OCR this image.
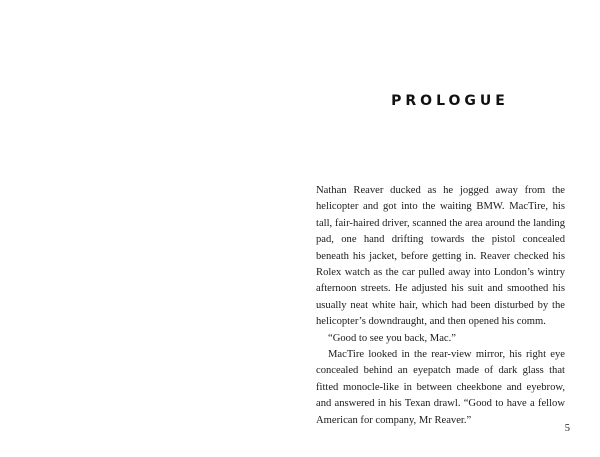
PROLOGUE

Nathan Reaver ducked as he jogged away from the helicopter and got into the waiting BMW. MacTire, his tall, fair-haired driver, scanned the area around the landing pad, one hand drifting towards the pistol concealed beneath his jacket, before getting in. Reaver checked his Rolex watch as the car pulled away into London’s wintry afternoon streets. He adjusted his suit and smoothed his usually neat white hair, which had been disturbed by the helicopter’s downdraught, and then opened his comm.

“Good to see you back, Mac.”

MacTire looked in the rear-view mirror, his right eye concealed behind an eyepatch made of dark glass that fitted monocle-like in between cheekbone and eyebrow, and answered in his Texan drawl. “Good to have a fellow American for company, Mr Reaver.”

5
